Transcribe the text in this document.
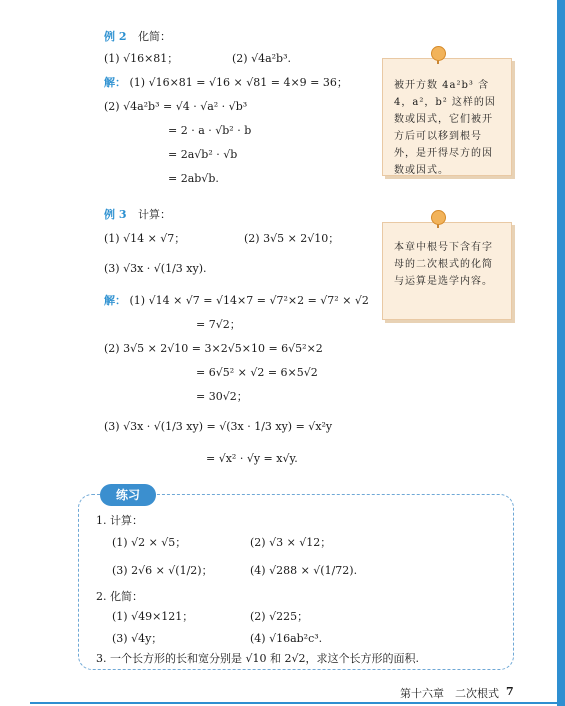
例 2 化简：
(1) √16×81；	(2) √4a²b³.
解： (1) √16×81 = √16 × √81 = 4×9 = 36；
(2) √4a²b³ = √4 · √a² · √b³
= 2 · a · √b² · b
= 2a√b² · √b
= 2ab√b.
被开方数 4a²b³ 含 4，a²，b² 这样的因数或因式，它们被开方后可以移到根号外，是开得尽方的因数或因式。
例 3 计算：
(1) √14 × √7；	(2) 3√5 × 2√10；
(3) √3x · √(1/3 xy).
解： (1) √14 × √7 = √14×7 = √7²×2 = √7² × √2
= 7√2；
(2) 3√5 × 2√10 = 3×2√5×10 = 6√5²×2
= 6√5² × √2 = 6×5√2
= 30√2；
(3) √3x · √(1/3 xy) = √(3x · 1/3 xy) = √x²y
= √x² · √y = x√y.
本章中根号下含有字母的二次根式的化简与运算是选学内容。
练习
1. 计算：
(1) √2 × √5；	(2) √3 × √12；
(3) 2√6 × √(1/2)；	(4) √288 × √(1/72).
2. 化简：
(1) √49×121；	(2) √225；
(3) √4y；	(4) √16ab²c³.
3. 一个长方形的长和宽分别是 √10 和 2√2，求这个长方形的面积.
第十六章　二次根式 7
